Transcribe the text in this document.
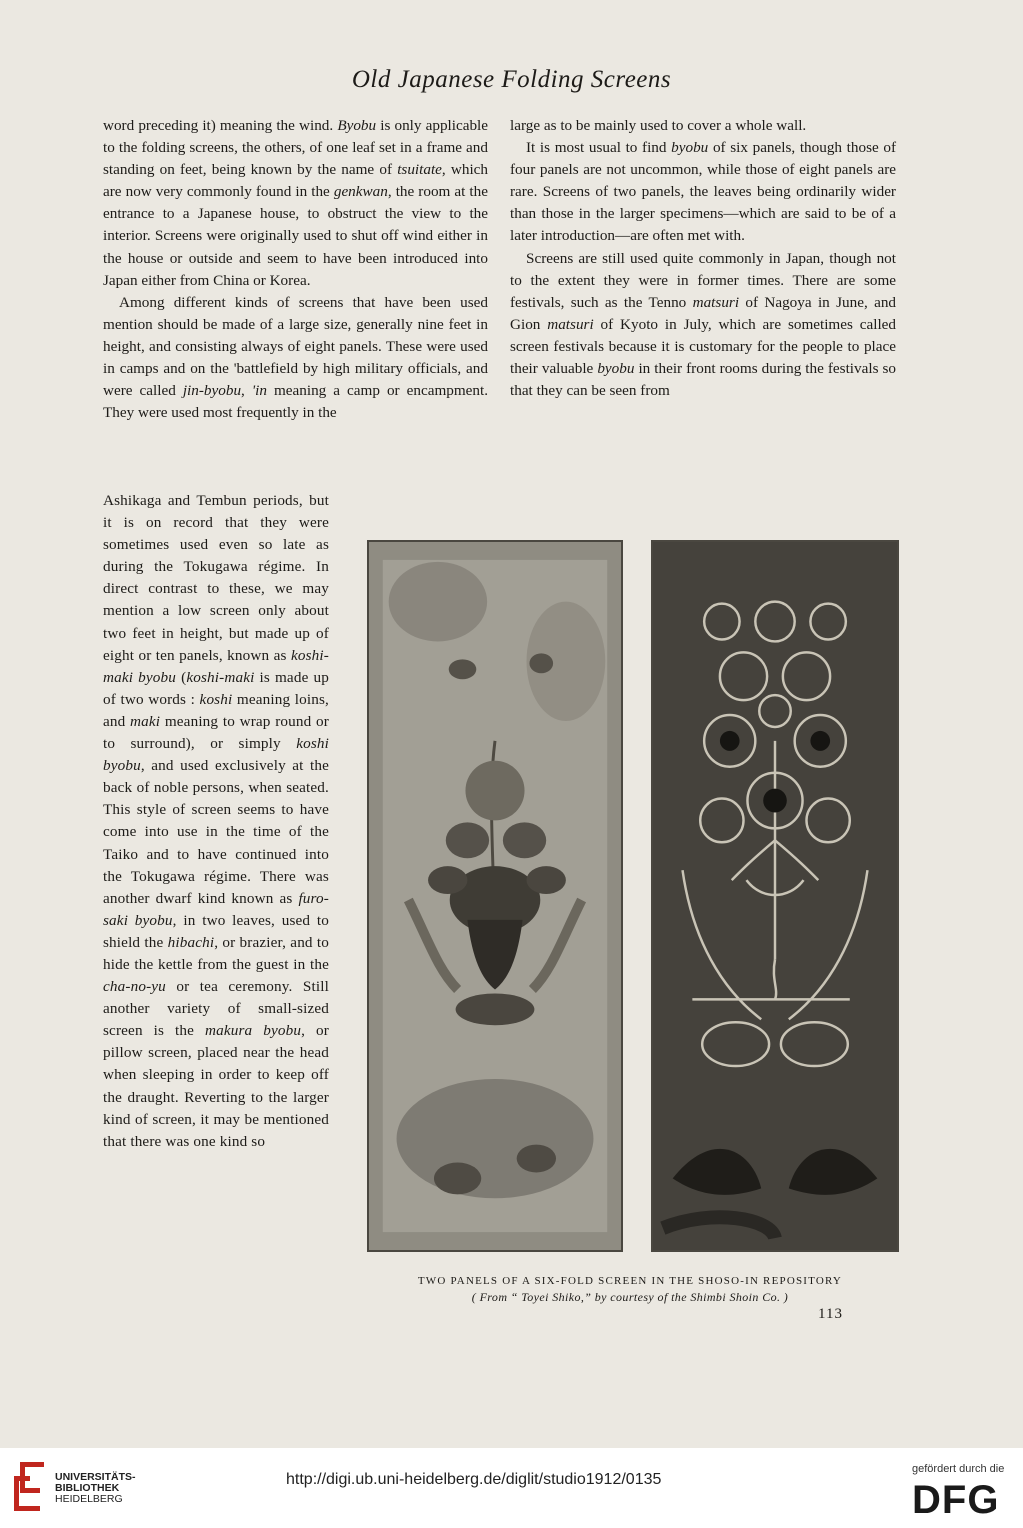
Old Japanese Folding Screens

word preceding it) meaning the wind. Byobu is only applicable to the folding screens, the others, of one leaf set in a frame and standing on feet, being known by the name of tsuitate, which are now very commonly found in the genkwan, the room at the entrance to a Japanese house, to obstruct the view to the interior. Screens were originally used to shut off wind either in the house or outside and seem to have been introduced into Japan either from China or Korea.

Among different kinds of screens that have been used mention should be made of a large size, generally nine feet in height, and consisting always of eight panels. These were used in camps and on the 'battlefield by high military officials, and were called jin-byobu, 'in meaning a camp or encampment. They were used most frequently in the

large as to be mainly used to cover a whole wall.

It is most usual to find byobu of six panels, though those of four panels are not uncommon, while those of eight panels are rare. Screens of two panels, the leaves being ordinarily wider than those in the larger specimens—which are said to be of a later introduction—are often met with.

Screens are still used quite commonly in Japan, though not to the extent they were in former times. There are some festivals, such as the Tenno matsuri of Nagoya in June, and Gion matsuri of Kyoto in July, which are sometimes called screen festivals because it is customary for the people to place their valuable byobu in their front rooms during the festivals so that they can be seen from

Ashikaga and Tembun periods, but it is on record that they were sometimes used even so late as during the Tokugawa régime. In direct contrast to these, we may mention a low screen only about two feet in height, but made up of eight or ten panels, known as koshi-maki byobu (koshi-maki is made up of two words : koshi meaning loins, and maki meaning to wrap round or to surround), or simply koshi byobu, and used exclusively at the back of noble persons, when seated. This style of screen seems to have come into use in the time of the Taiko and to have continued into the Tokugawa régime. There was another dwarf kind known as furo-saki byobu, in two leaves, used to shield the hibachi, or brazier, and to hide the kettle from the guest in the cha-no-yu or tea ceremony. Still another variety of small-sized screen is the makura byobu, or pillow screen, placed near the head when sleeping in order to keep off the draught. Reverting to the larger kind of screen, it may be mentioned that there was one kind so

TWO PANELS OF A SIX-FOLD SCREEN IN THE SHOSO-IN REPOSITORY
( From “ Toyei Shiko,” by courtesy of the Shimbi Shoin Co. )
113
UNIVERSITÄTS-
BIBLIOTHEK
HEIDELBERG
http://digi.ub.uni-heidelberg.de/diglit/studio1912/0135
gefördert durch die
DFG
